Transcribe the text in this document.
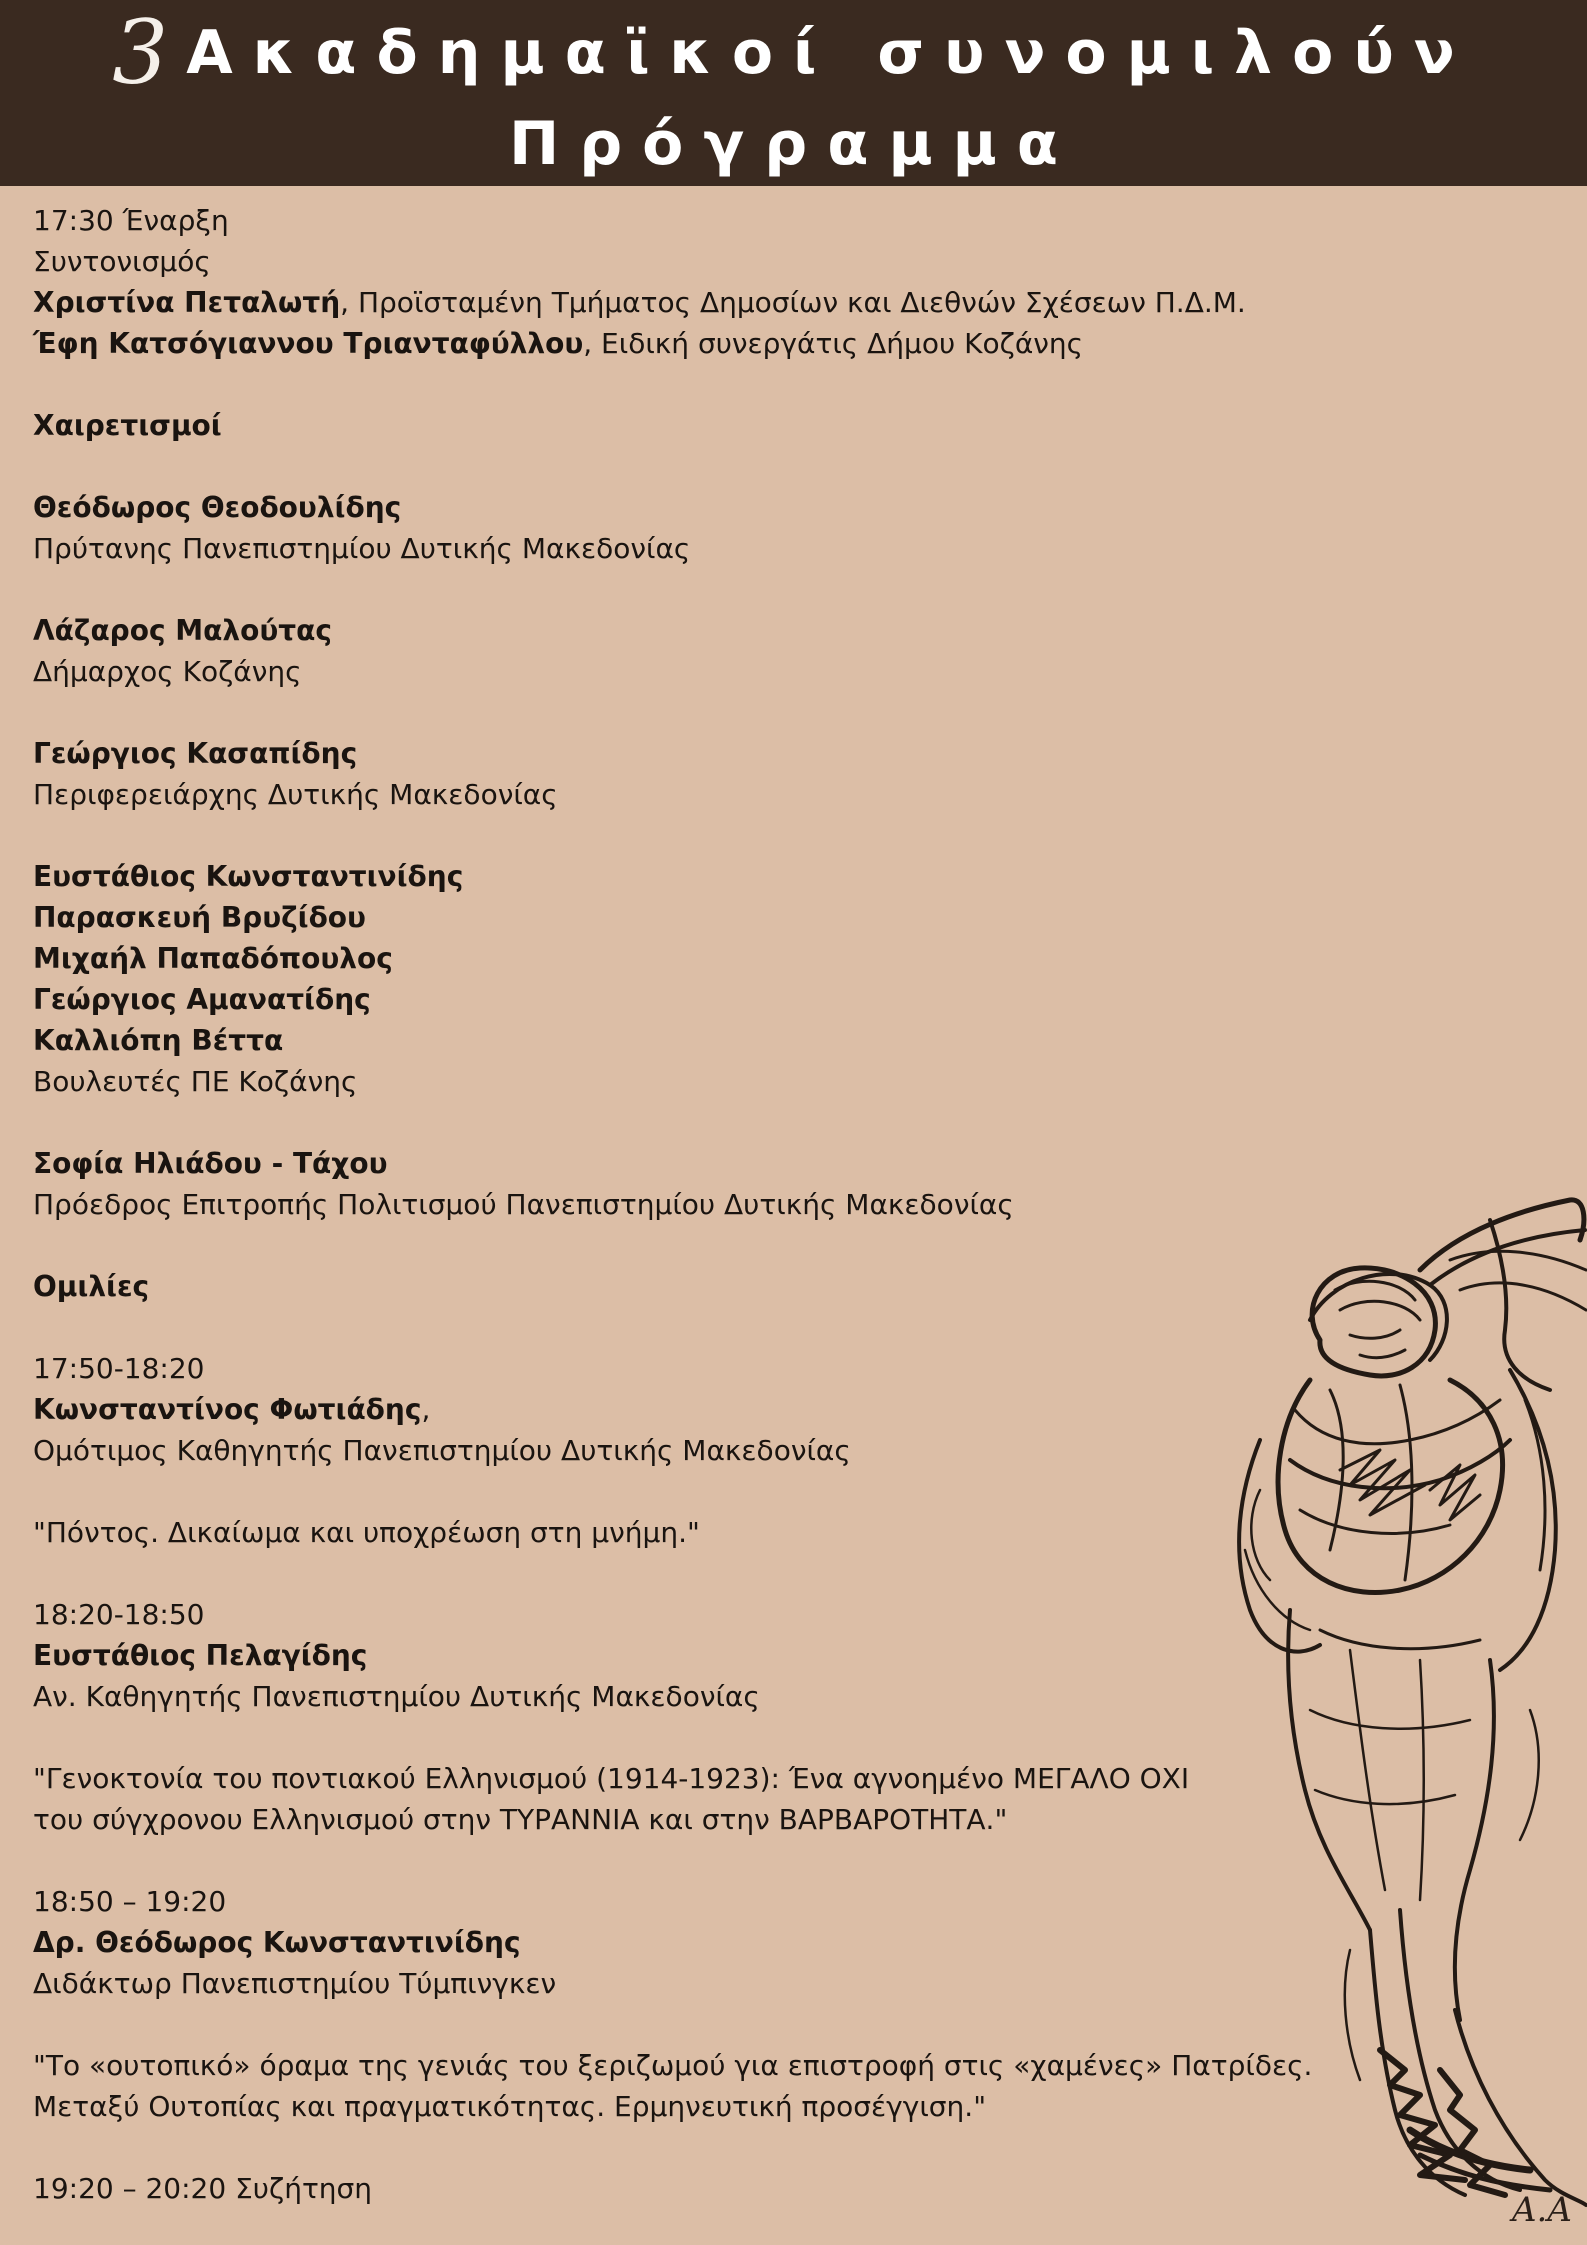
3 Ακαδημαϊκοί συνομιλούν
Πρόγραμμα
17:30 Έναρξη
Συντονισμός
Χριστίνα Πεταλωτή, Προϊσταμένη Τμήματος Δημοσίων και Διεθνών Σχέσεων Π.Δ.Μ.
Έφη Κατσόγιαννου Τριανταφύλλου, Ειδική συνεργάτις Δήμου Κοζάνης
Χαιρετισμοί
Θεόδωρος Θεοδουλίδης
Πρύτανης Πανεπιστημίου Δυτικής Μακεδονίας
Λάζαρος Μαλούτας
Δήμαρχος Κοζάνης
Γεώργιος Κασαπίδης
Περιφερειάρχης Δυτικής Μακεδονίας
Ευστάθιος Κωνσταντινίδης
Παρασκευή Βρυζίδου
Μιχαήλ Παπαδόπουλος
Γεώργιος Αμανατίδης
Καλλιόπη Βέττα
Βουλευτές ΠΕ Κοζάνης
Σοφία Ηλιάδου - Τάχου
Πρόεδρος Επιτροπής Πολιτισμού Πανεπιστημίου Δυτικής Μακεδονίας
Ομιλίες
17:50-18:20
Κωνσταντίνος Φωτιάδης,
Ομότιμος Καθηγητής Πανεπιστημίου Δυτικής Μακεδονίας
"Πόντος. Δικαίωμα και υποχρέωση στη μνήμη."
18:20-18:50
Ευστάθιος Πελαγίδης
Αν. Καθηγητής Πανεπιστημίου Δυτικής Μακεδονίας
"Γενοκτονία του ποντιακού Ελληνισμού (1914-1923): Ένα αγνοημένο ΜΕΓΑΛΟ ΟΧΙ
του σύγχρονου Ελληνισμού στην ΤΥΡΑΝΝΙΑ και στην ΒΑΡΒΑΡΟΤΗΤΑ."
18:50 – 19:20
Δρ. Θεόδωρος Κωνσταντινίδης
Διδάκτωρ Πανεπιστημίου Τύμπινγκεν
"Το «ουτοπικό» όραμα της γενιάς του ξεριζωμού για επιστροφή στις «χαμένες» Πατρίδες.
Μεταξύ Ουτοπίας και πραγματικότητας. Ερμηνευτική προσέγγιση."
19:20 – 20:20 Συζήτηση
A.A
